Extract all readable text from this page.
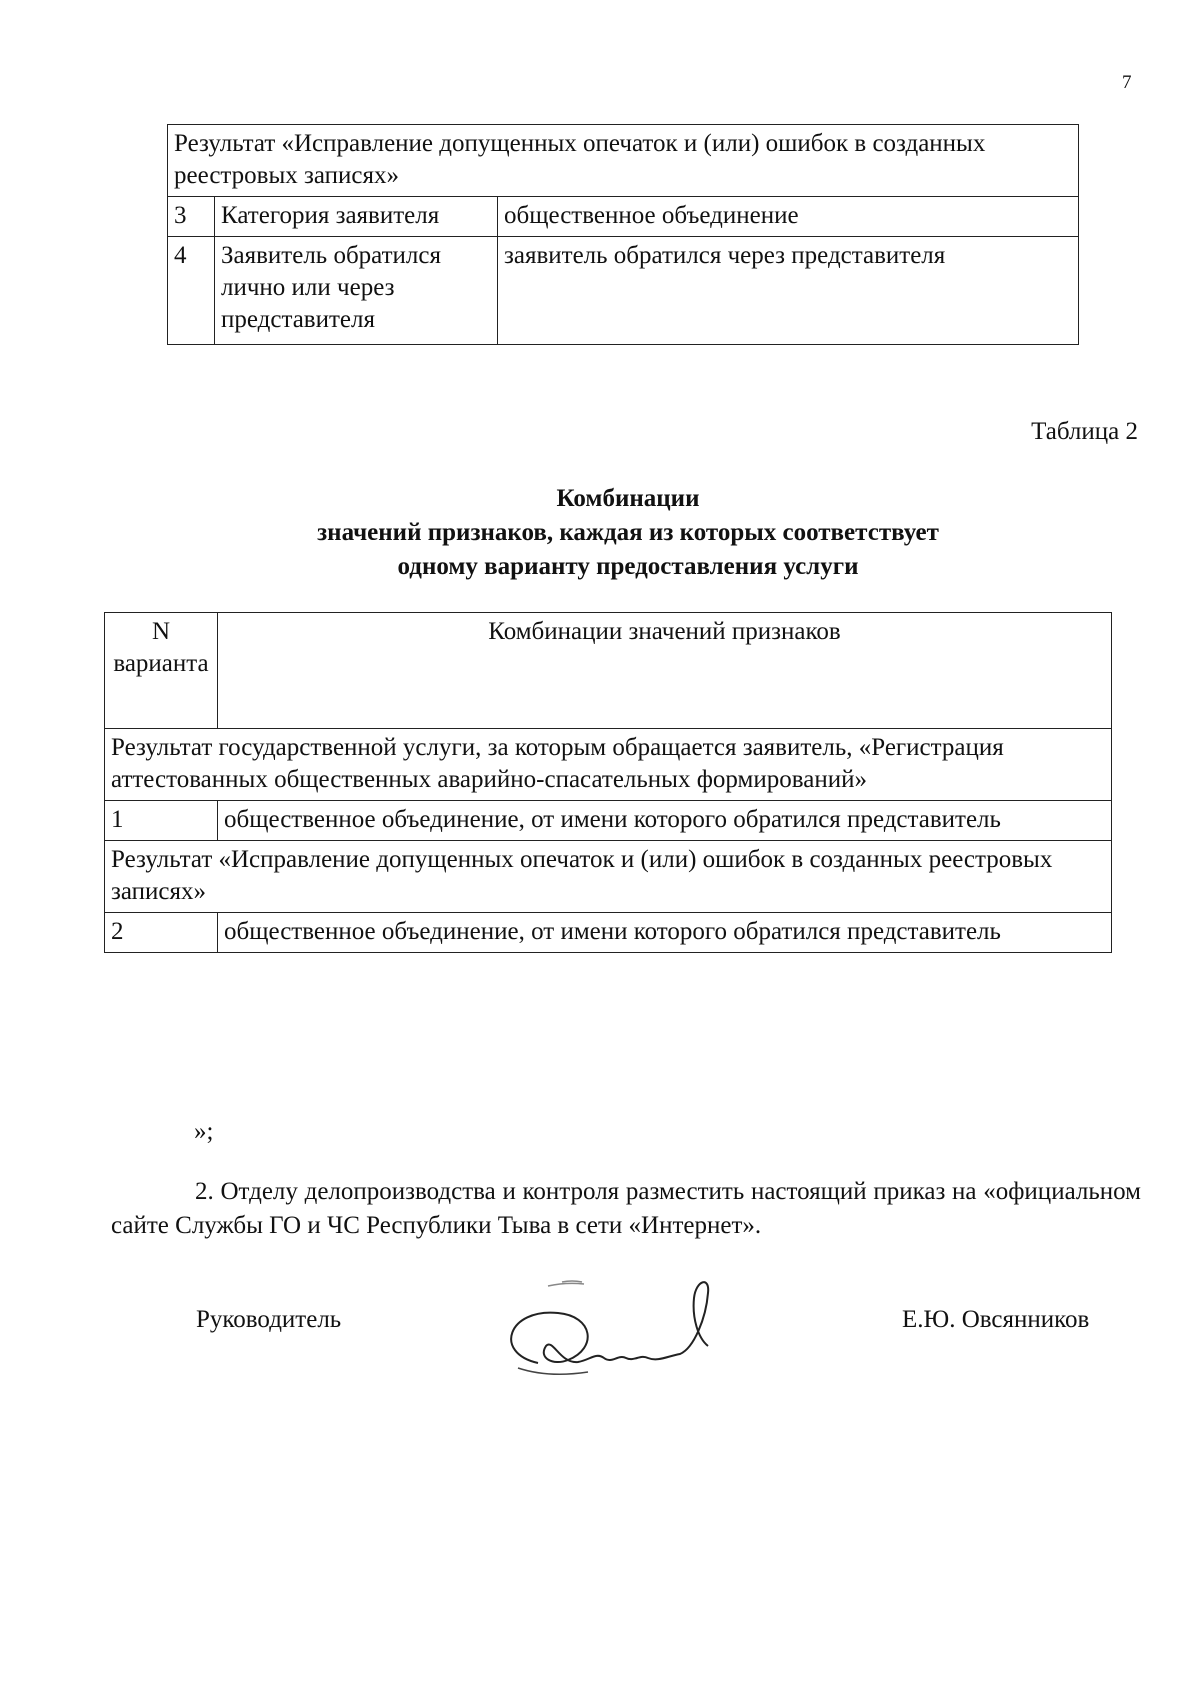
7
Результат «Исправление допущенных опечаток и (или) ошибок в созданных реестровых записях»		
3	Категория заявителя	общественное объединение
4	Заявитель обратился лично или через представителя	заявитель обратился через представителя
Таблица 2
Комбинации
значений признаков, каждая из которых соответствует
одному варианту предоставления услуги
N варианта	Комбинации значений признаков
Результат государственной услуги, за которым обращается заявитель, «Регистрация аттестованных общественных аварийно-спасательных формирований»	
1	общественное объединение, от имени которого обратился представитель
Результат «Исправление допущенных опечаток и (или) ошибок в созданных реестровых записях»	
2	общественное объединение, от имени которого обратился представитель
»;
2. Отделу делопроизводства и контроля разместить настоящий приказ на «официальном сайте Службы ГО и ЧС Республики Тыва в сети «Интернет».
Руководитель	Е.Ю. Овсянников
